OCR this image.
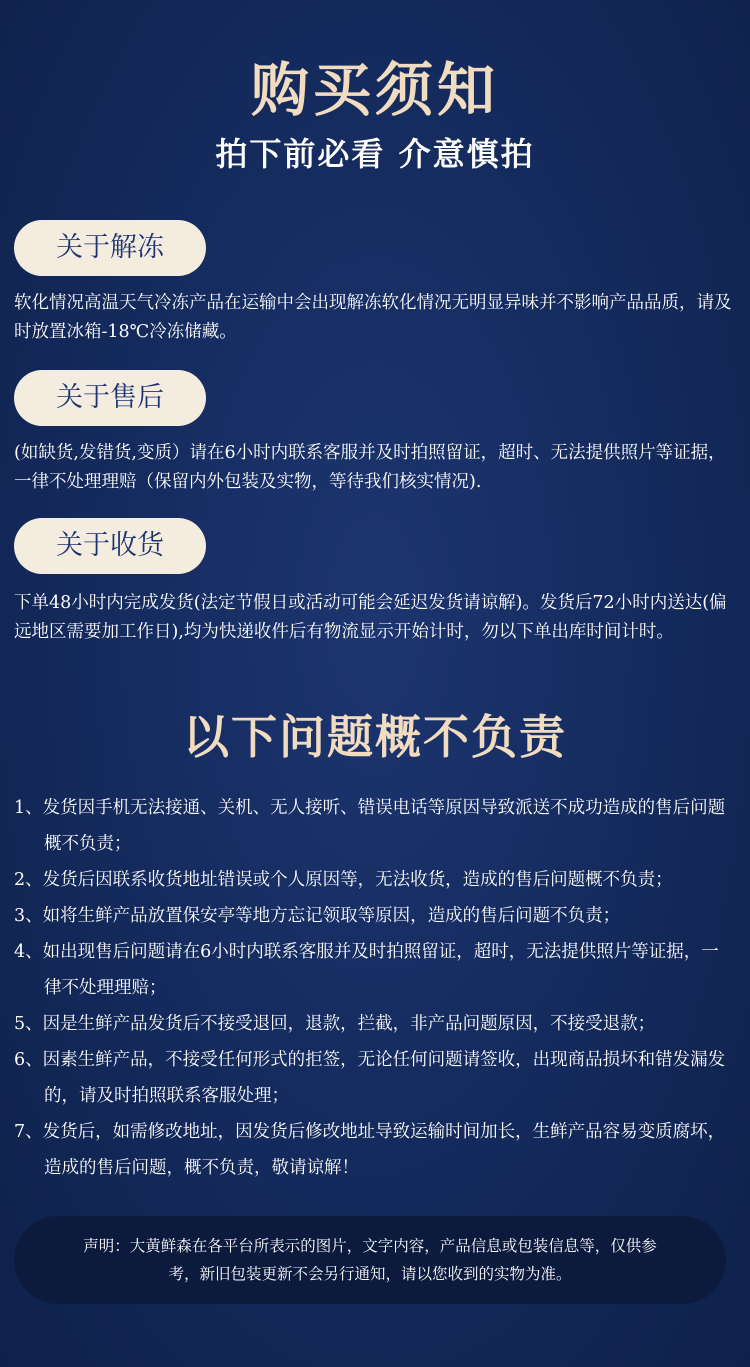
购买须知
拍下前必看 介意慎拍
关于解冻
软化情况高温天气冷冻产品在运输中会出现解冻软化情况无明显异味并不影响产品品质，请及时放置冰箱-18℃冷冻储藏。
关于售后
(如缺货,发错货,变质）请在6小时内联系客服并及时拍照留证，超时、无法提供照片等证据，一律不处理理赔（保留内外包装及实物，等待我们核实情况).
关于收货
下单48小时内完成发货(法定节假日或活动可能会延迟发货请谅解)。发货后72小时内送达(偏远地区需要加工作日),均为快递收件后有物流显示开始计时，勿以下单出库时间计时。
以下问题概不负责
1、发货因手机无法接通、关机、无人接听、错误电话等原因导致派送不成功造成的售后问题概不负责；
2、发货后因联系收货地址错误或个人原因等，无法收货，造成的售后问题概不负责；
3、如将生鲜产品放置保安亭等地方忘记领取等原因，造成的售后问题不负责；
4、如出现售后问题请在6小时内联系客服并及时拍照留证，超时，无法提供照片等证据，一律不处理理赔；
5、因是生鲜产品发货后不接受退回，退款，拦截，非产品问题原因，不接受退款；
6、因素生鲜产品，不接受任何形式的拒签，无论任何问题请签收，出现商品损坏和错发漏发的，请及时拍照联系客服处理；
7、发货后，如需修改地址，因发货后修改地址导致运输时间加长，生鲜产品容易变质腐坏，造成的售后问题，概不负责，敬请谅解！
声明：大黄鲜森在各平台所表示的图片，文字内容，产品信息或包装信息等，仅供参考，新旧包装更新不会另行通知，请以您收到的实物为准。
